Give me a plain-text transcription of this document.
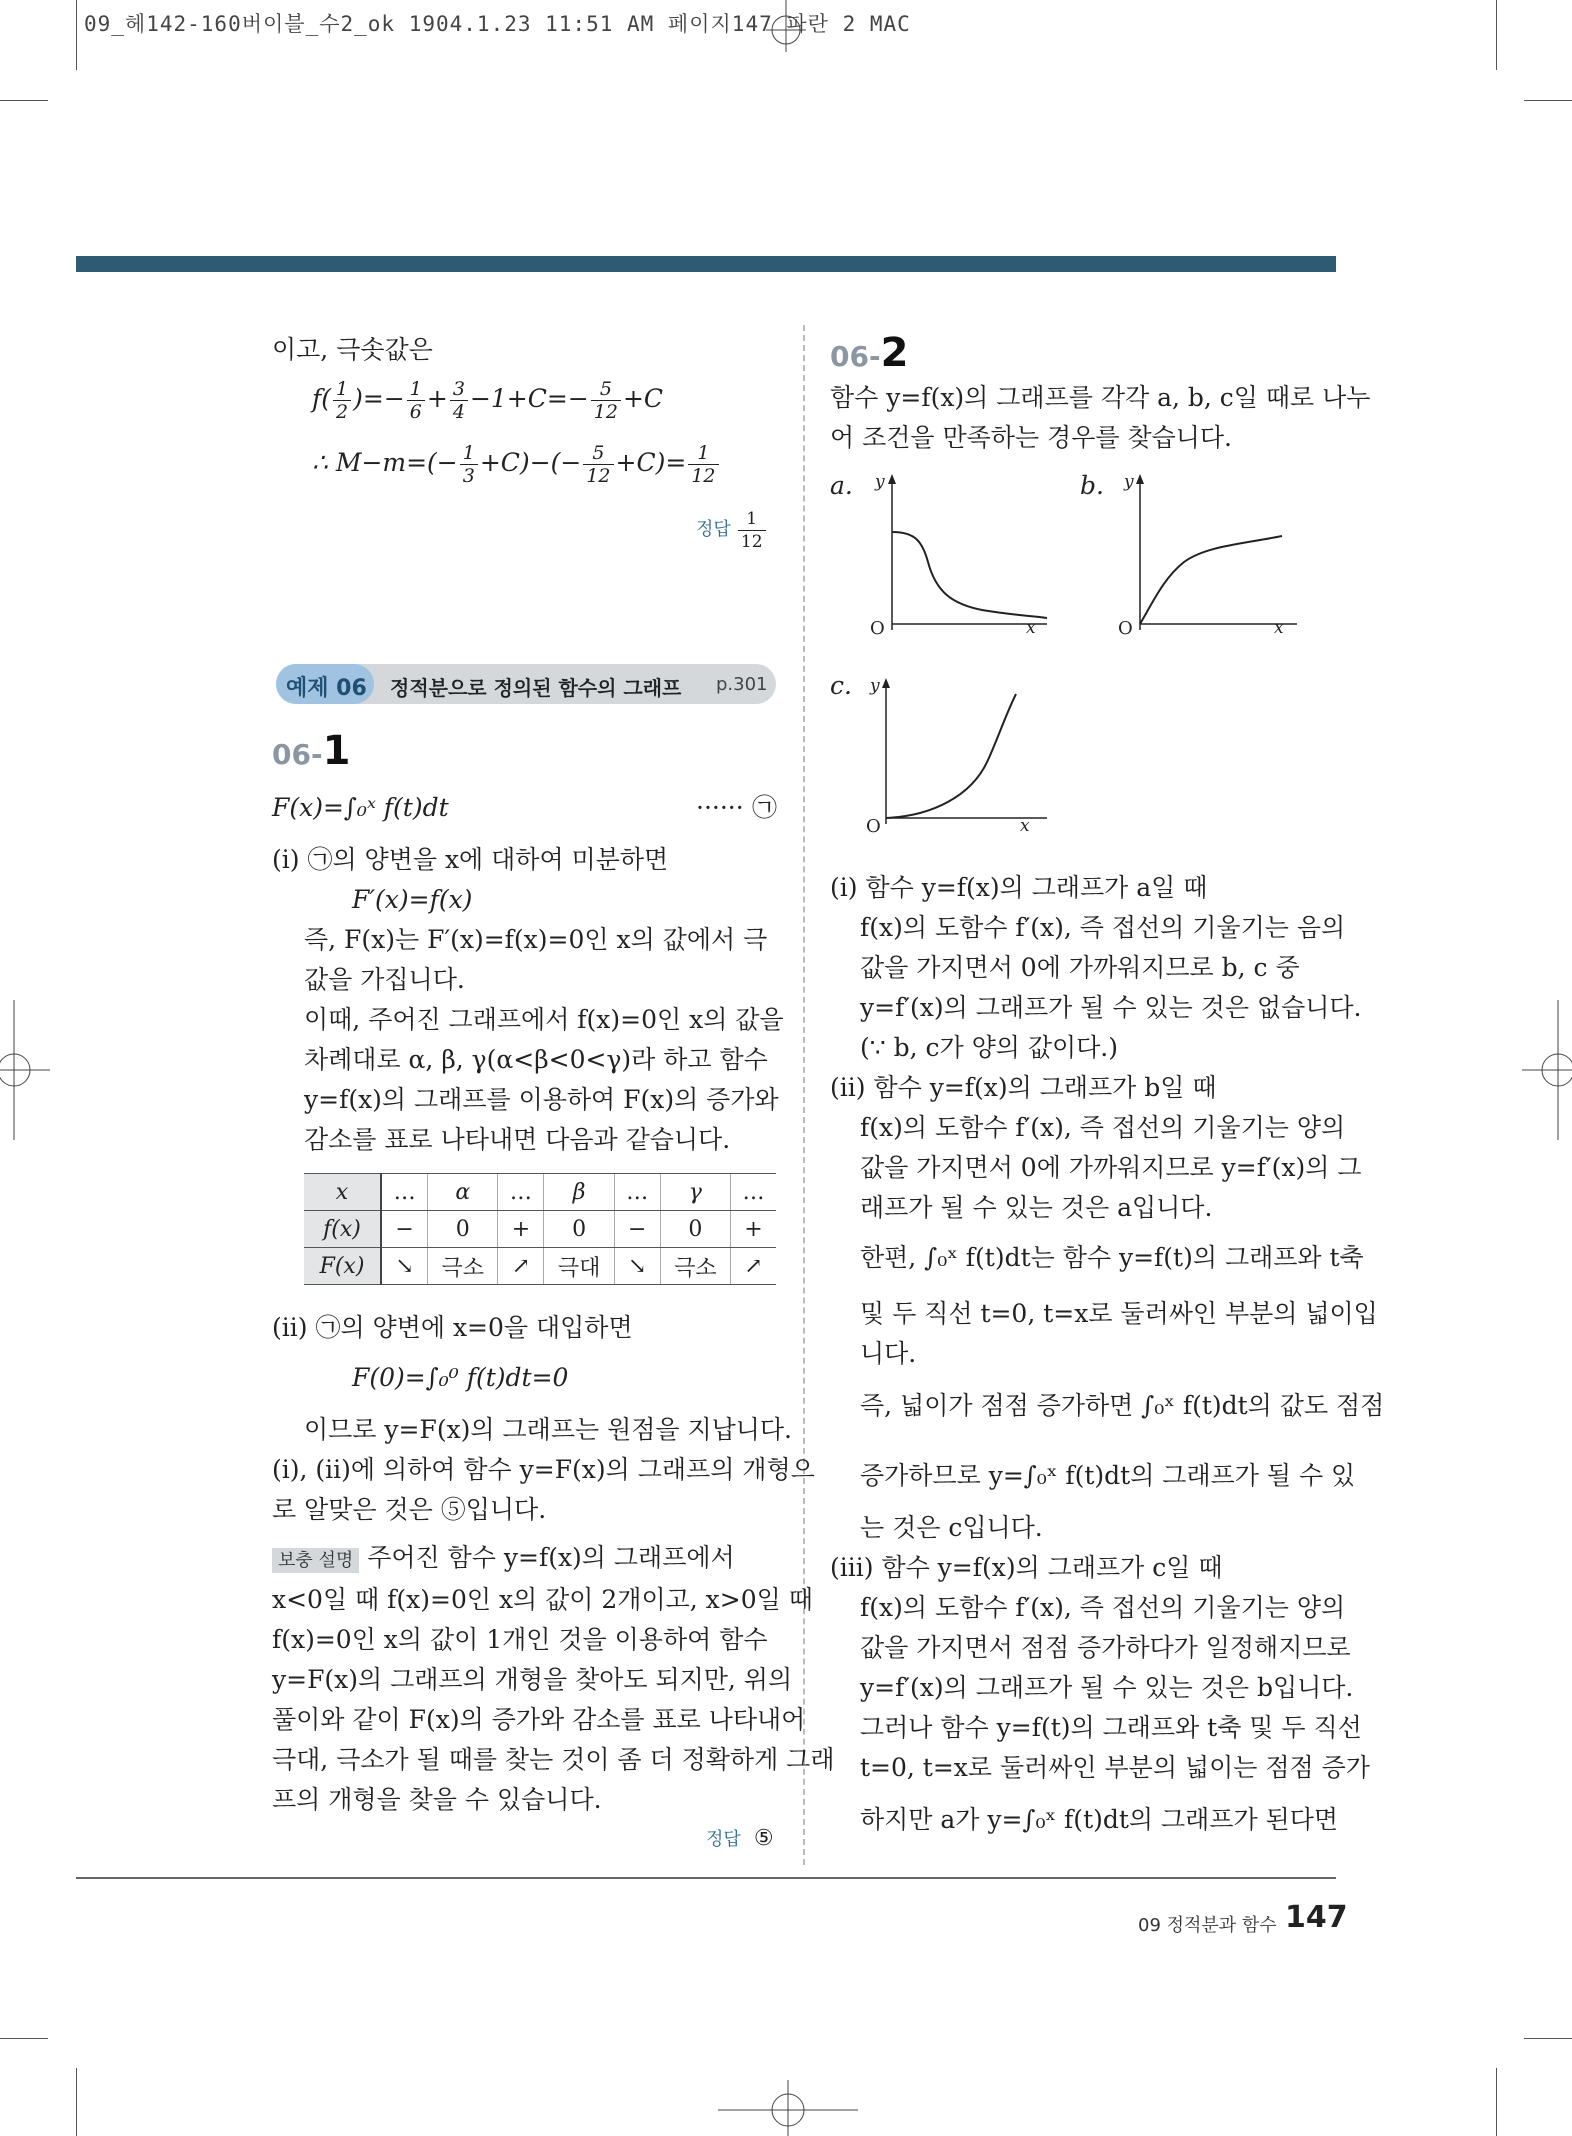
09_헤142-160버이블_수2_ok 1904.1.23 11:51 AM 페이지147 파란 2 MAC
이고, 극솟값은
$f( \frac{1}{2}$ )=− $\frac{1}{6} + \frac{3}{4} -1+C=- \frac{5}{12} +C$
∴ $M-m=(- \frac{1}{3} +C)-(- \frac{5}{12} +C)= \frac{1}{12}$
정답 $\frac{1}{12}$
예제 06 정적분으로 정의된 함수의 그래프 p.301
06-1
F(x)=∫₀ˣ f(t)dt	······ ㉠
(i) ㉠의 양변을 x에 대하여 미분하면
F′(x)=f(x)
즉, F(x)는 F′(x)=f(x)=0인 x의 값에서 극
값을 가집니다.
이때, 주어진 그래프에서 f(x)=0인 x의 값을
차례대로 α, β, γ(α<β<0<γ)라 하고 함수
y=f(x)의 그래프를 이용하여 F(x)의 증가와
감소를 표로 나타내면 다음과 같습니다.
x	…	α	…	β	…	γ	…
f(x)	−	0	+	0	−	0	+
F(x)	↘	극소	↗	극대	↘	극소	↗
(ii) ㉠의 양변에 x=0을 대입하면
F(0)=∫₀⁰ f(t)dt=0
이므로 y=F(x)의 그래프는 원점을 지납니다.
(i), (ii)에 의하여 함수 y=F(x)의 그래프의 개형으
로 알맞은 것은 ⑤입니다.
보충 설명 주어진 함수 y=f(x)의 그래프에서
x<0일 때 f(x)=0인 x의 값이 2개이고, x>0일 때
f(x)=0인 x의 값이 1개인 것을 이용하여 함수
y=F(x)의 그래프의 개형을 찾아도 되지만, 위의
풀이와 같이 F(x)의 증가와 감소를 표로 나타내어
극대, 극소가 될 때를 찾는 것이 좀 더 정확하게 그래
프의 개형을 찾을 수 있습니다.
정답 ⑤
06-2
함수 y=f(x)의 그래프를 각각 a, b, c일 때로 나누
어 조건을 만족하는 경우를 찾습니다.
a. y
x
O
b. y
x
O
c. y
x
O
(i) 함수 y=f(x)의 그래프가 a일 때
f(x)의 도함수 f′(x), 즉 접선의 기울기는 음의
값을 가지면서 0에 가까워지므로 b, c 중
y=f′(x)의 그래프가 될 수 있는 것은 없습니다.
(∵ b, c가 양의 값이다.)
(ii) 함수 y=f(x)의 그래프가 b일 때
f(x)의 도함수 f′(x), 즉 접선의 기울기는 양의
값을 가지면서 0에 가까워지므로 y=f′(x)의 그
래프가 될 수 있는 것은 a입니다.
한편, ∫₀ˣ f(t)dt는 함수 y=f(t)의 그래프와 t축
및 두 직선 t=0, t=x로 둘러싸인 부분의 넓이입
니다.
즉, 넓이가 점점 증가하면 ∫₀ˣ f(t)dt의 값도 점점
증가하므로 y=∫₀ˣ f(t)dt의 그래프가 될 수 있
는 것은 c입니다.
(iii) 함수 y=f(x)의 그래프가 c일 때
f(x)의 도함수 f′(x), 즉 접선의 기울기는 양의
값을 가지면서 점점 증가하다가 일정해지므로
y=f′(x)의 그래프가 될 수 있는 것은 b입니다.
그러나 함수 y=f(t)의 그래프와 t축 및 두 직선
t=0, t=x로 둘러싸인 부분의 넓이는 점점 증가
하지만 a가 y=∫₀ˣ f(t)dt의 그래프가 된다면
09 정적분과 함수 147
